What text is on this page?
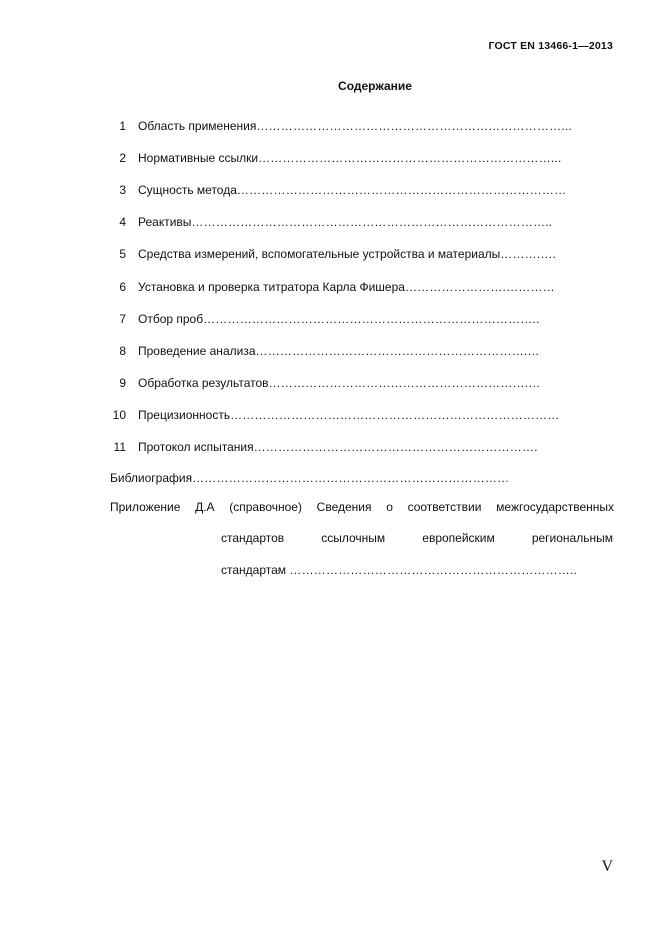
ГОСТ EN 13466-1—2013
Содержание
1 Область применения…………………………………………………………………...
2 Нормативные ссылки………………………………………………………………...
3 Сущность метода………………………………………………………………………
4 Реактивы……………………………………………………………………………..
5 Средства измерений, вспомогательные устройства и материалы……….….
6 Установка и проверка титратора Карла Фишера…………………….…………
7 Отбор проб………………………………………………………………………..
8 Проведение анализа………………………………………………………….…
9 Обработка результатов……………………………………………………….…
10 Прецизионность………………………………………………………………………
11 Протокол испытания…………………………………………………………….
Библиография……………………………………………………………………
Приложение Д.А (справочное) Сведения о соответствии межгосударственных
стандартов	ссылочным	европейским	региональным
стандартам ……………………………………………………………..
V
